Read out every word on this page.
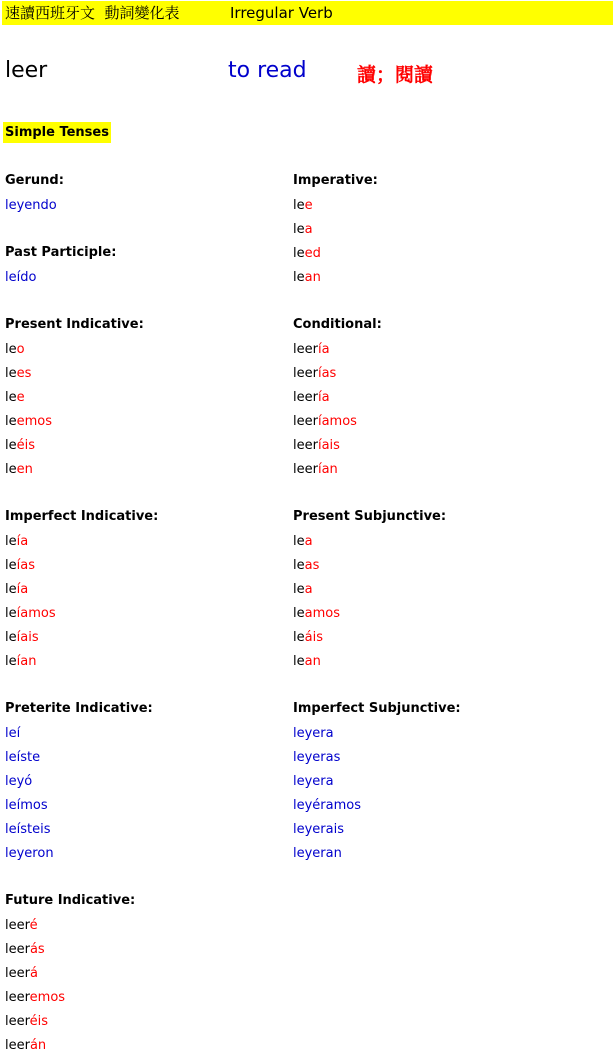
速讀西班牙文  動詞變化表	Irregular Verb
leer	to read	讀；閱讀
Simple Tenses
Gerund:
leyendo
Past Participle:
leído
Present Indicative:
leo
lees
lee
leemos
leéis
leen
Imperfect Indicative:
leía
leías
leía
leíamos
leíais
leían
Preterite Indicative:
leí
leíste
leyó
leímos
leísteis
leyeron
Future Indicative:
leeré
leerás
leerá
leeremos
leeréis
leerán
Imperative:
lee
lea
leed
lean
Conditional:
leería
leerías
leería
leeríamos
leeríais
leerían
Present Subjunctive:
lea
leas
lea
leamos
leáis
lean
Imperfect Subjunctive:
leyera
leyeras
leyera
leyéramos
leyerais
leyeran
